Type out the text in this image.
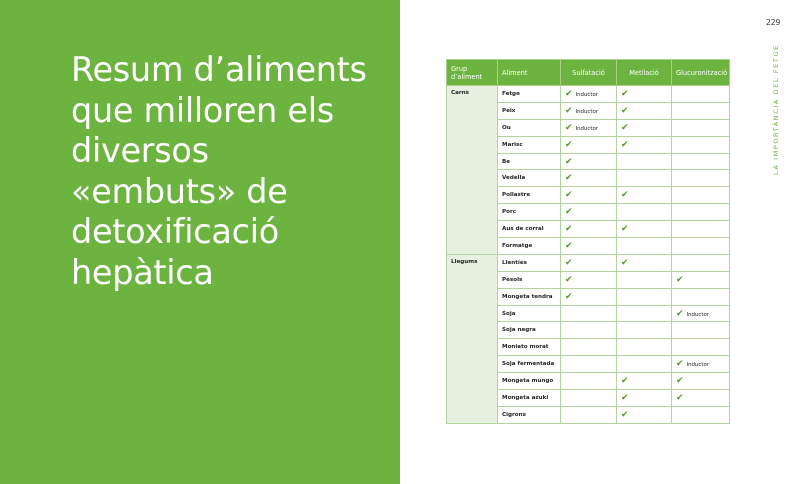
Resum d’aliments
que milloren els
diversos
«embuts» de
detoxificació
hepàtica
229
LA IMPORTÀNCIA DEL FETGE
Grup d’aliment	Aliment	Sulfatació	Metilació	Glucuronització
Carns	Fetge	✔ Inductor	✔	
	Peix	✔ Inductor	✔	
	Ou	✔ Inductor	✔	
	Marisc	✔	✔	
	Be	✔		
	Vedella	✔		
	Pollastre	✔	✔	
	Porc	✔		
	Aus de corral	✔	✔	
	Formatge	✔		
Llegums	Llentíes	✔	✔	
	Pèsols	✔		✔
	Mongeta tendra	✔		
	Soja			✔ Inductor
	Soja negra			
	Moniato morat			
	Soja fermentada			✔ Inductor
	Mongeta mungo		✔	✔
	Mongeta azuki		✔	✔
	Cigrons		✔	
